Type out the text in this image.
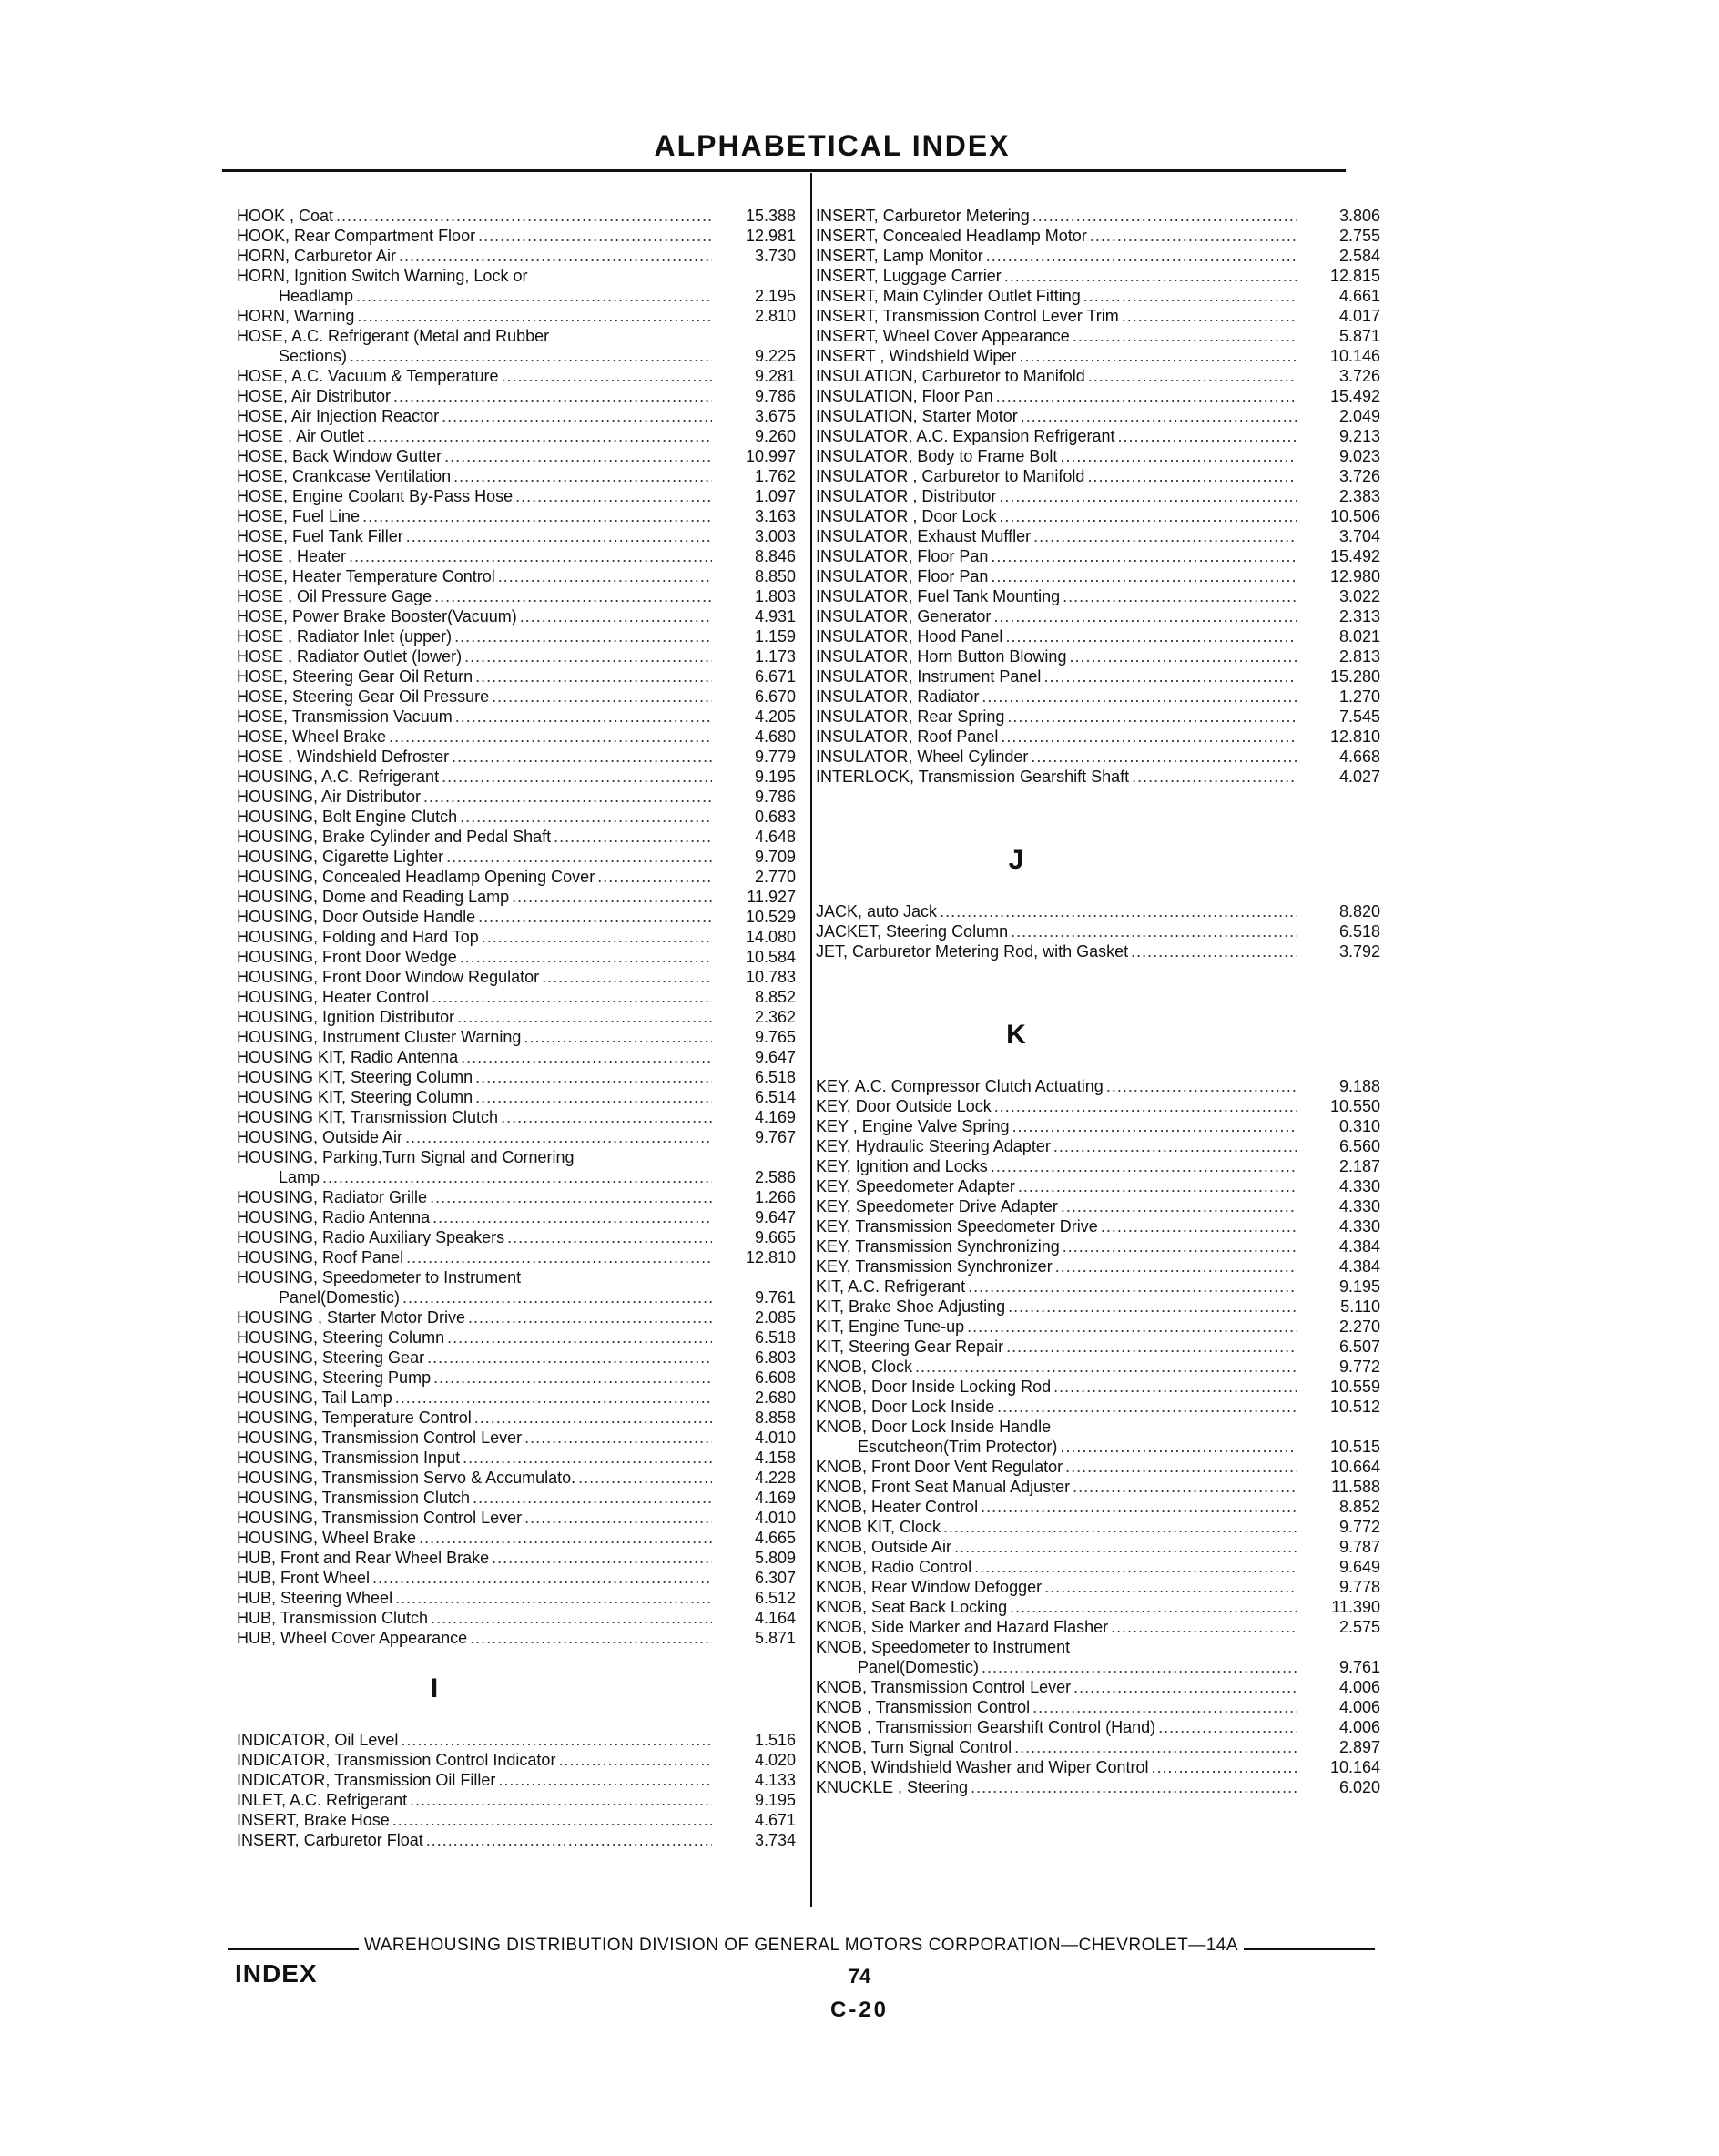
ALPHABETICAL INDEX
HOOK , Coat .....	15.388
HOOK, Rear Compartment Floor .....	12.981
HORN, Carburetor Air .....	3.730
HORN, Ignition Switch Warning, Lock or
Headlamp .....	2.195
HORN, Warning .....	2.810
HOSE, A.C. Refrigerant (Metal and Rubber
Sections) .....	9.225
HOSE, A.C. Vacuum & Temperature .....	9.281
HOSE, Air Distributor .....	9.786
HOSE, Air Injection Reactor .....	3.675
HOSE , Air Outlet .....	9.260
HOSE, Back Window Gutter .....	10.997
HOSE, Crankcase Ventilation .....	1.762
HOSE, Engine Coolant By-Pass Hose .....	1.097
HOSE, Fuel Line .....	3.163
HOSE, Fuel Tank Filler .....	3.003
HOSE , Heater .....	8.846
HOSE, Heater Temperature Control .....	8.850
HOSE , Oil Pressure Gage .....	1.803
HOSE, Power Brake Booster(Vacuum) .....	4.931
HOSE , Radiator Inlet (upper) .....	1.159
HOSE , Radiator Outlet (lower) .....	1.173
HOSE, Steering Gear Oil Return .....	6.671
HOSE, Steering Gear Oil Pressure .....	6.670
HOSE, Transmission Vacuum .....	4.205
HOSE, Wheel Brake .....	4.680
HOSE , Windshield Defroster .....	9.779
HOUSING, A.C. Refrigerant .....	9.195
HOUSING, Air Distributor .....	9.786
HOUSING, Bolt Engine Clutch .....	0.683
HOUSING, Brake Cylinder and Pedal Shaft .....	4.648
HOUSING, Cigarette Lighter .....	9.709
HOUSING, Concealed Headlamp Opening Cover .....	2.770
HOUSING, Dome and Reading Lamp .....	11.927
HOUSING, Door Outside Handle .....	10.529
HOUSING, Folding and Hard Top .....	14.080
HOUSING, Front Door Wedge .....	10.584
HOUSING, Front Door Window Regulator .....	10.783
HOUSING, Heater Control .....	8.852
HOUSING, Ignition Distributor .....	2.362
HOUSING, Instrument Cluster Warning .....	9.765
HOUSING KIT, Radio Antenna .....	9.647
HOUSING KIT, Steering Column .....	6.518
HOUSING KIT, Steering Column .....	6.514
HOUSING KIT, Transmission Clutch .....	4.169
HOUSING, Outside Air .....	9.767
HOUSING, Parking,Turn Signal and Cornering
Lamp .....	2.586
HOUSING, Radiator Grille .....	1.266
HOUSING, Radio Antenna .....	9.647
HOUSING, Radio Auxiliary Speakers .....	9.665
HOUSING, Roof Panel .....	12.810
HOUSING, Speedometer to Instrument
Panel(Domestic) .....	9.761
HOUSING , Starter Motor Drive .....	2.085
HOUSING, Steering Column .....	6.518
HOUSING, Steering Gear .....	6.803
HOUSING, Steering Pump .....	6.608
HOUSING, Tail Lamp .....	2.680
HOUSING, Temperature Control .....	8.858
HOUSING, Transmission Control Lever .....	4.010
HOUSING, Transmission Input .....	4.158
HOUSING, Transmission Servo & Accumulato. .....	4.228
HOUSING, Transmission Clutch .....	4.169
HOUSING, Transmission Control Lever .....	4.010
HOUSING, Wheel Brake .....	4.665
HUB, Front and Rear Wheel Brake .....	5.809
HUB, Front Wheel .....	6.307
HUB, Steering Wheel .....	6.512
HUB, Transmission Clutch .....	4.164
HUB, Wheel Cover Appearance .....	5.871
I
INDICATOR, Oil Level .....	1.516
INDICATOR, Transmission Control Indicator .....	4.020
INDICATOR, Transmission Oil Filler .....	4.133
INLET, A.C. Refrigerant .....	9.195
INSERT, Brake Hose .....	4.671
INSERT, Carburetor Float .....	3.734
INSERT, Carburetor Metering .....	3.806
INSERT, Concealed Headlamp Motor .....	2.755
INSERT, Lamp Monitor .....	2.584
INSERT, Luggage Carrier .....	12.815
INSERT, Main Cylinder Outlet Fitting .....	4.661
INSERT, Transmission Control Lever Trim .....	4.017
INSERT, Wheel Cover Appearance .....	5.871
INSERT , Windshield Wiper .....	10.146
INSULATION, Carburetor to Manifold .....	3.726
INSULATION, Floor Pan .....	15.492
INSULATION, Starter Motor .....	2.049
INSULATOR, A.C. Expansion Refrigerant .....	9.213
INSULATOR, Body to Frame Bolt .....	9.023
INSULATOR , Carburetor to Manifold .....	3.726
INSULATOR , Distributor .....	2.383
INSULATOR , Door Lock .....	10.506
INSULATOR, Exhaust Muffler .....	3.704
INSULATOR, Floor Pan .....	15.492
INSULATOR, Floor Pan .....	12.980
INSULATOR, Fuel Tank Mounting .....	3.022
INSULATOR, Generator .....	2.313
INSULATOR, Hood Panel .....	8.021
INSULATOR, Horn Button Blowing .....	2.813
INSULATOR, Instrument Panel .....	15.280
INSULATOR, Radiator .....	1.270
INSULATOR, Rear Spring .....	7.545
INSULATOR, Roof Panel .....	12.810
INSULATOR, Wheel Cylinder .....	4.668
INTERLOCK, Transmission Gearshift Shaft .....	4.027
J
JACK, auto Jack .....	8.820
JACKET, Steering Column .....	6.518
JET, Carburetor Metering Rod, with Gasket .....	3.792
K
KEY, A.C. Compressor Clutch Actuating .....	9.188
KEY, Door Outside Lock .....	10.550
KEY , Engine Valve Spring .....	0.310
KEY, Hydraulic Steering Adapter .....	6.560
KEY, Ignition and Locks .....	2.187
KEY, Speedometer Adapter .....	4.330
KEY, Speedometer Drive Adapter .....	4.330
KEY, Transmission Speedometer Drive .....	4.330
KEY, Transmission Synchronizing .....	4.384
KEY, Transmission Synchronizer .....	4.384
KIT, A.C. Refrigerant .....	9.195
KIT, Brake Shoe Adjusting .....	5.110
KIT, Engine Tune-up .....	2.270
KIT, Steering Gear Repair .....	6.507
KNOB, Clock .....	9.772
KNOB, Door Inside Locking Rod .....	10.559
KNOB, Door Lock Inside .....	10.512
KNOB, Door Lock Inside Handle
Escutcheon(Trim Protector) .....	10.515
KNOB, Front Door Vent Regulator .....	10.664
KNOB, Front Seat Manual Adjuster .....	11.588
KNOB, Heater Control .....	8.852
KNOB KIT, Clock .....	9.772
KNOB, Outside Air .....	9.787
KNOB, Radio Control .....	9.649
KNOB, Rear Window Defogger .....	9.778
KNOB, Seat Back Locking .....	11.390
KNOB, Side Marker and Hazard Flasher .....	2.575
KNOB, Speedometer to Instrument
Panel(Domestic) .....	9.761
KNOB, Transmission Control Lever .....	4.006
KNOB , Transmission Control .....	4.006
KNOB , Transmission Gearshift Control (Hand) .....	4.006
KNOB, Turn Signal Control .....	2.897
KNOB, Windshield Washer and Wiper Control .....	10.164
KNUCKLE , Steering .....	6.020
WAREHOUSING DISTRIBUTION DIVISION OF GENERAL MOTORS CORPORATION—CHEVROLET—14A
INDEX	74
C-20
